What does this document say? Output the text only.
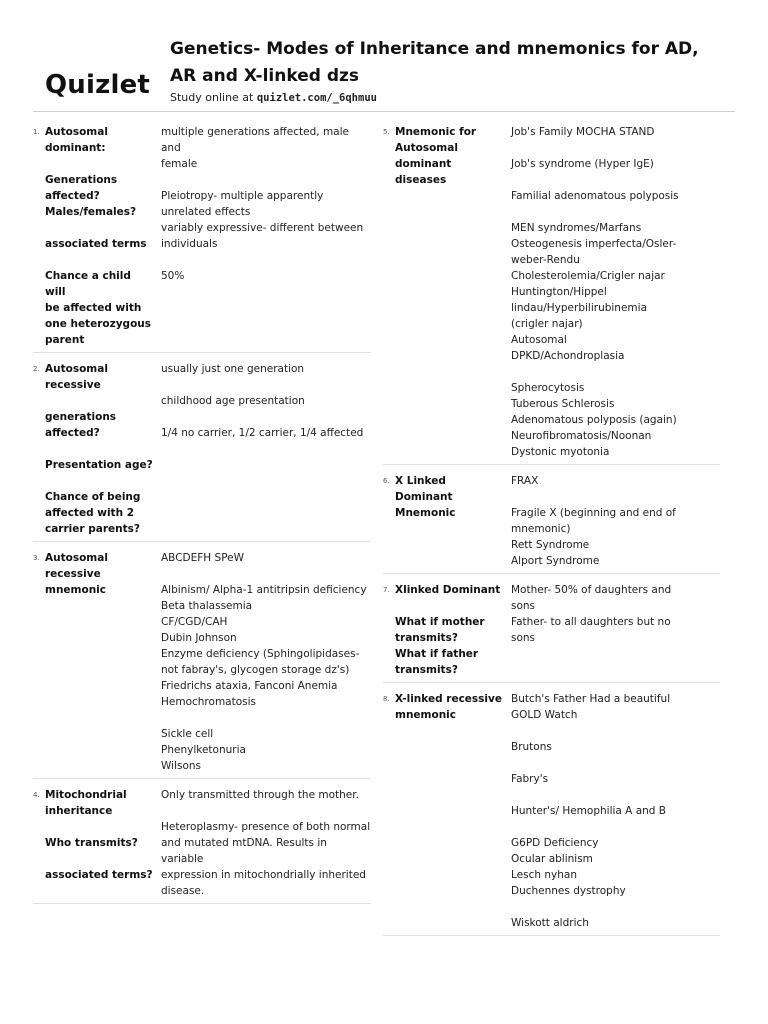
Quizlet
Genetics- Modes of Inheritance and mnemonics for AD, AR and X-linked dzs
Study online at quizlet.com/_6qhmuu
1. Autosomal
dominant:
Generations
affected?
Males/females?
associated terms
Chance a child will
be affected with
one heterozygous
parent
multiple generations affected, male and
female
Pleiotropy- multiple apparently
unrelated effects
variably expressive- different between
individuals
50%
2. Autosomal
recessive
generations
affected?
Presentation age?
Chance of being
affected with 2
carrier parents?
usually just one generation
childhood age presentation
1/4 no carrier, 1/2 carrier, 1/4 affected
3. Autosomal
recessive
mnemonic
ABCDEFH SPeW
Albinism/ Alpha-1 antitripsin deficiency
Beta thalassemia
CF/CGD/CAH
Dubin Johnson
Enzyme deficiency (Sphingolipidases-
not fabray's, glycogen storage dz's)
Friedrichs ataxia, Fanconi Anemia
Hemochromatosis
Sickle cell
Phenylketonuria
Wilsons
4. Mitochondrial
inheritance
Who transmits?
associated terms?
Only transmitted through the mother.
Heteroplasmy- presence of both normal
and mutated mtDNA. Results in variable
expression in mitochondrially inherited
disease.
5. Mnemonic for Autosomal
dominant diseases
Job's Family MOCHA STAND
Job's syndrome (Hyper IgE)
Familial adenomatous polyposis
MEN syndromes/Marfans
Osteogenesis imperfecta/Osler-
weber-Rendu
Cholesterolemia/Crigler najar
Huntington/Hippel
lindau/Hyperbilirubinemia
(crigler najar)
Autosomal
DPKD/Achondroplasia
Spherocytosis
Tuberous Schlerosis
Adenomatous polyposis (again)
Neurofibromatosis/Noonan
Dystonic myotonia
6. X Linked Dominant
Mnemonic
FRAX
Fragile X (beginning and end of
mnemonic)
Rett Syndrome
Alport Syndrome
7. Xlinked Dominant
What if mother
transmits?
What if father transmits?
Mother- 50% of daughters and
sons
Father- to all daughters but no
sons
8. X-linked recessive
mnemonic
Butch's Father Had a beautiful
GOLD Watch
Brutons
Fabry's
Hunter's/ Hemophilia A and B
G6PD Deficiency
Ocular ablinism
Lesch nyhan
Duchennes dystrophy
Wiskott aldrich
